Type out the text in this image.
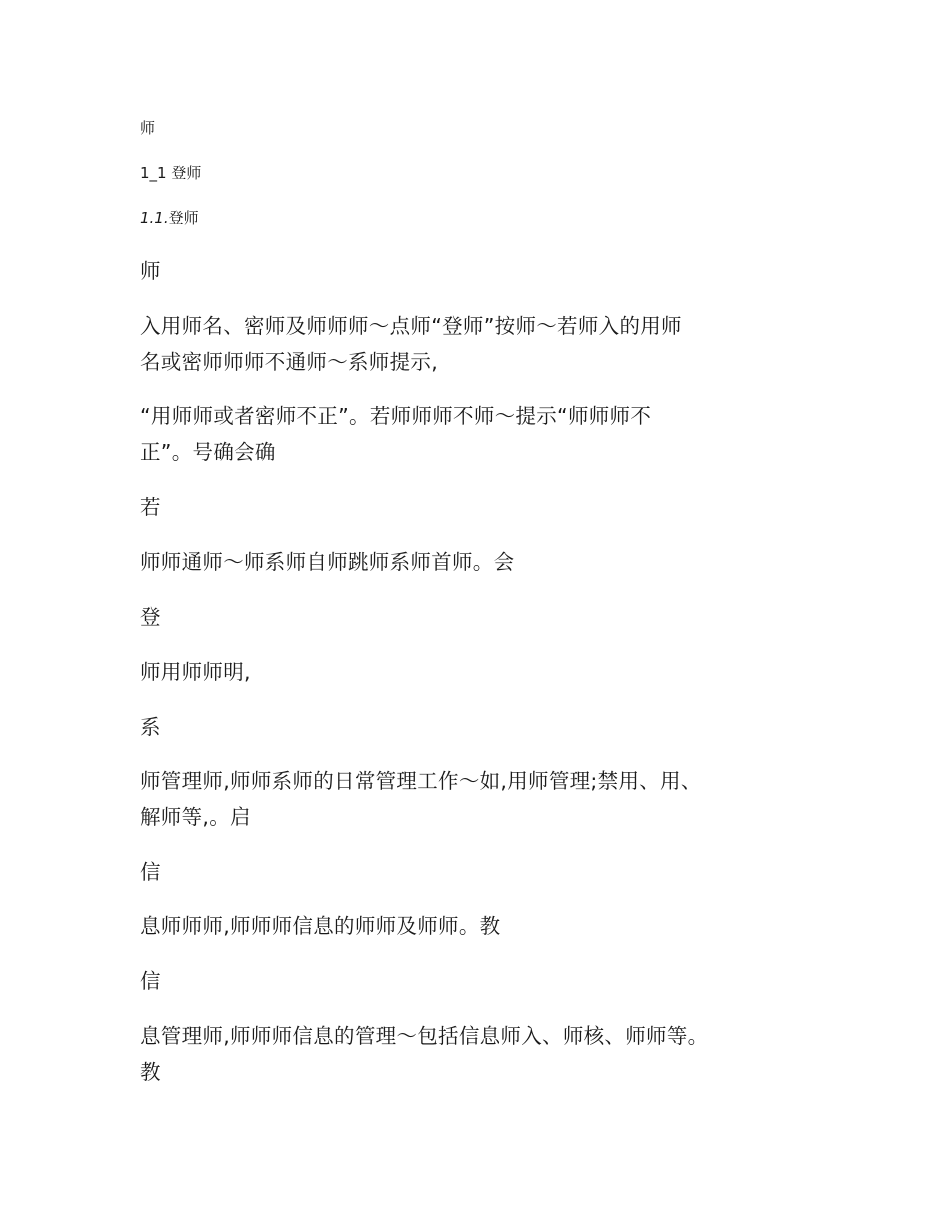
师

1_1 登师

1.1.登师

师

入用师名、密师及师师师～点师“登师”按师～若师入的用师

名或密师师师不通师～系师提示,

“用师师或者密师不正”。若师师师不师～提示“师师师不

正”。号确会确

若

师师通师～师系师自师跳师系师首师。会

登

师用师师明,

系

师管理师,师师系师的日常管理工作～如,用师管理;禁用、用、

解师等,。启

信

息师师师,师师师信息的师师及师师。教

信

息管理师,师师师信息的管理～包括信息师入、师核、师师等。

教
